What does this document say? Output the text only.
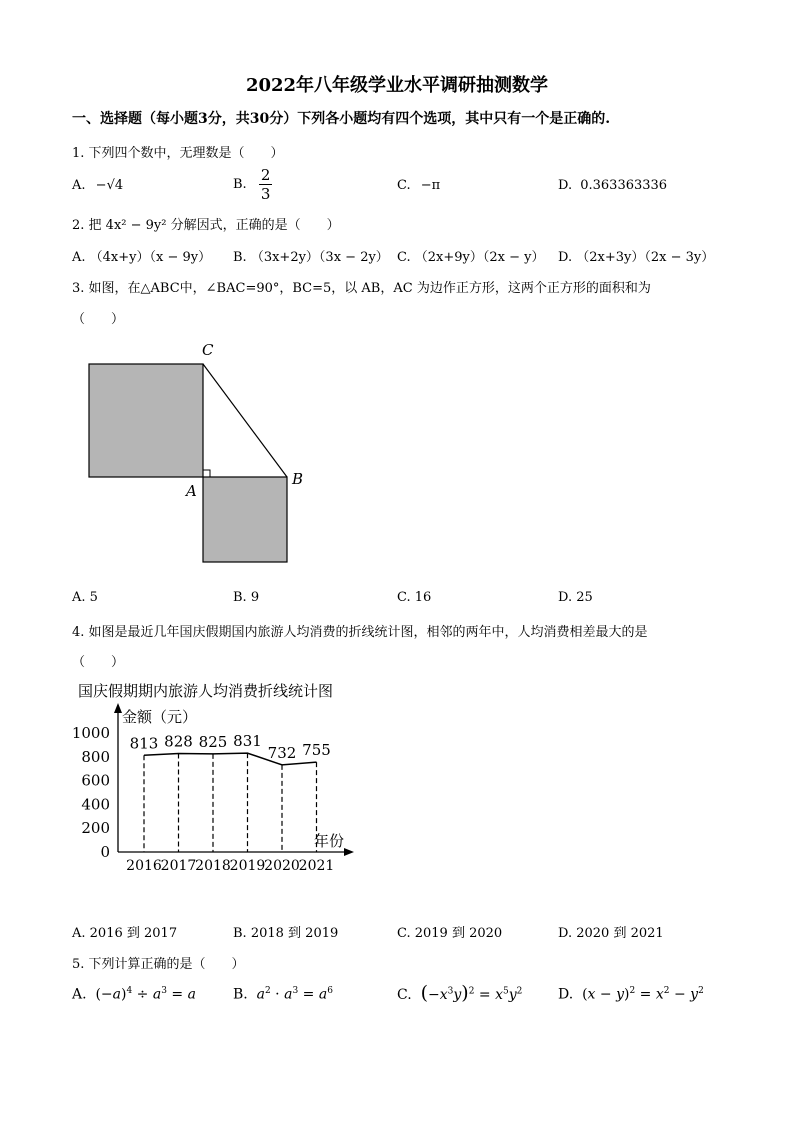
2022年八年级学业水平调研抽测数学
一、选择题（每小题3分，共30分）下列各小题均有四个选项，其中只有一个是正确的.
1. 下列四个数中，无理数是（　　）
A. −√4	B. $\frac{2}{3}$	C. −π	D. 0.363363336
2. 把 4x² − 9y² 分解因式，正确的是（　　）
A. （4x+y）（x − 9y） B. （3x+2y）（3x − 2y） C. （2x+9y）（2x − y） D. （2x+3y）（2x − 3y）
3. 如图，在△ABC中，∠BAC=90°，BC=5，以 AB，AC 为边作正方形，这两个正方形的面积和为
（　　）
C
A
B
A. 5	B. 9	C. 16	D. 25
4. 如图是最近几年国庆假期国内旅游人均消费的折线统计图，相邻的两年中，人均消费相差最大的是
（　　）
国庆假期期内旅游人均消费折线统计图
金额（元）
年份
0
200
400
600
800
1000
2016
813
2017
828
2018
825
2019
831
2020
732
2021
755
A. 2016 到 2017	B. 2018 到 2019	C. 2019 到 2020	D. 2020 到 2021
5. 下列计算正确的是（　　）
A.  $(-a)^4 \div a^3 = a$	B.  $a^2 \cdot a^3 = a^6$	C.  $(-x^3y)^2 = x^5y^2$	D.  $(x - y)^2 = x^2 - y^2$
